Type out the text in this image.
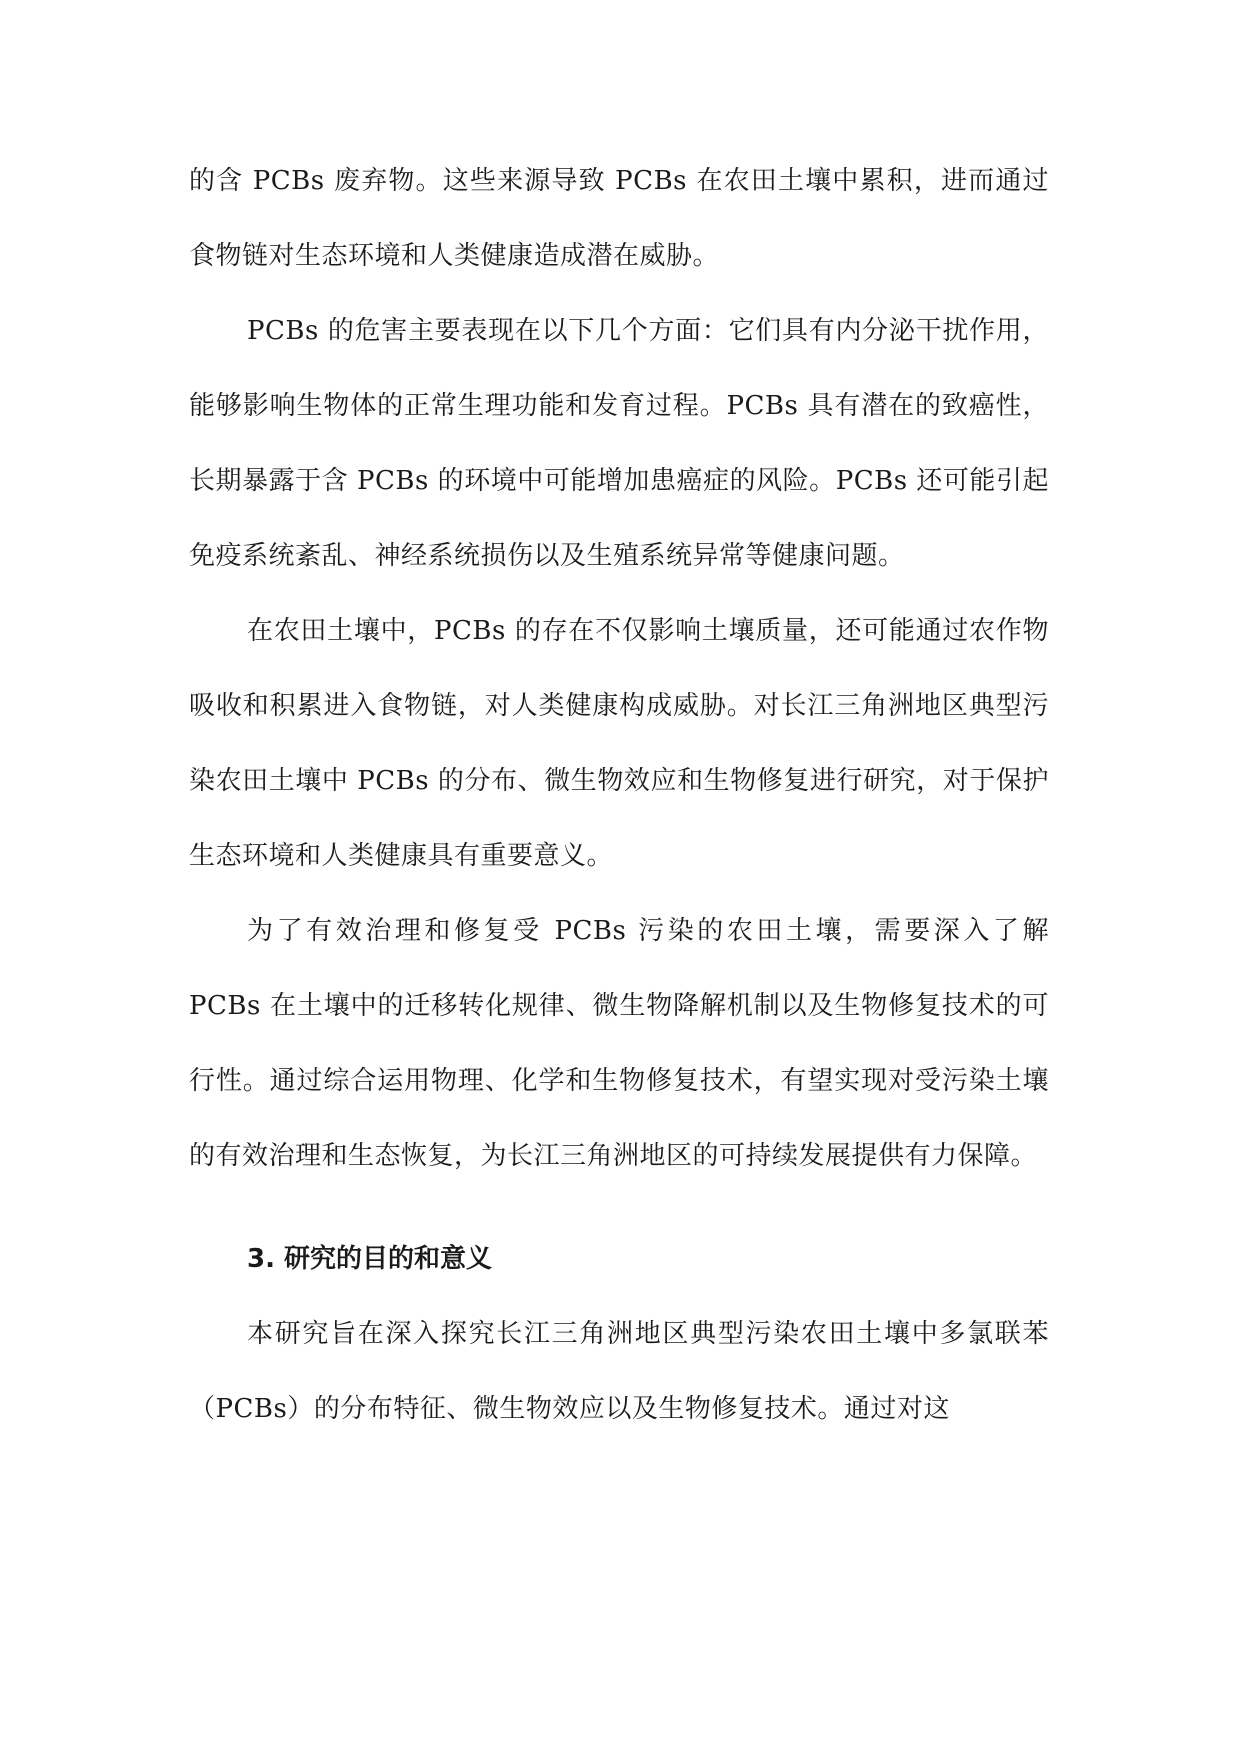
的含 PCBs 废弃物。这些来源导致 PCBs 在农田土壤中累积，进而通过食物链对生态环境和人类健康造成潜在威胁。

PCBs 的危害主要表现在以下几个方面：它们具有内分泌干扰作用，能够影响生物体的正常生理功能和发育过程。PCBs 具有潜在的致癌性，长期暴露于含 PCBs 的环境中可能增加患癌症的风险。PCBs 还可能引起免疫系统紊乱、神经系统损伤以及生殖系统异常等健康问题。

在农田土壤中，PCBs 的存在不仅影响土壤质量，还可能通过农作物吸收和积累进入食物链，对人类健康构成威胁。对长江三角洲地区典型污染农田土壤中 PCBs 的分布、微生物效应和生物修复进行研究，对于保护生态环境和人类健康具有重要意义。

为了有效治理和修复受 PCBs 污染的农田土壤，需要深入了解 PCBs 在土壤中的迁移转化规律、微生物降解机制以及生物修复技术的可行性。通过综合运用物理、化学和生物修复技术，有望实现对受污染土壤的有效治理和生态恢复，为长江三角洲地区的可持续发展提供有力保障。

3. 研究的目的和意义

本研究旨在深入探究长江三角洲地区典型污染农田土壤中多氯联苯（PCBs）的分布特征、微生物效应以及生物修复技术。通过对这
